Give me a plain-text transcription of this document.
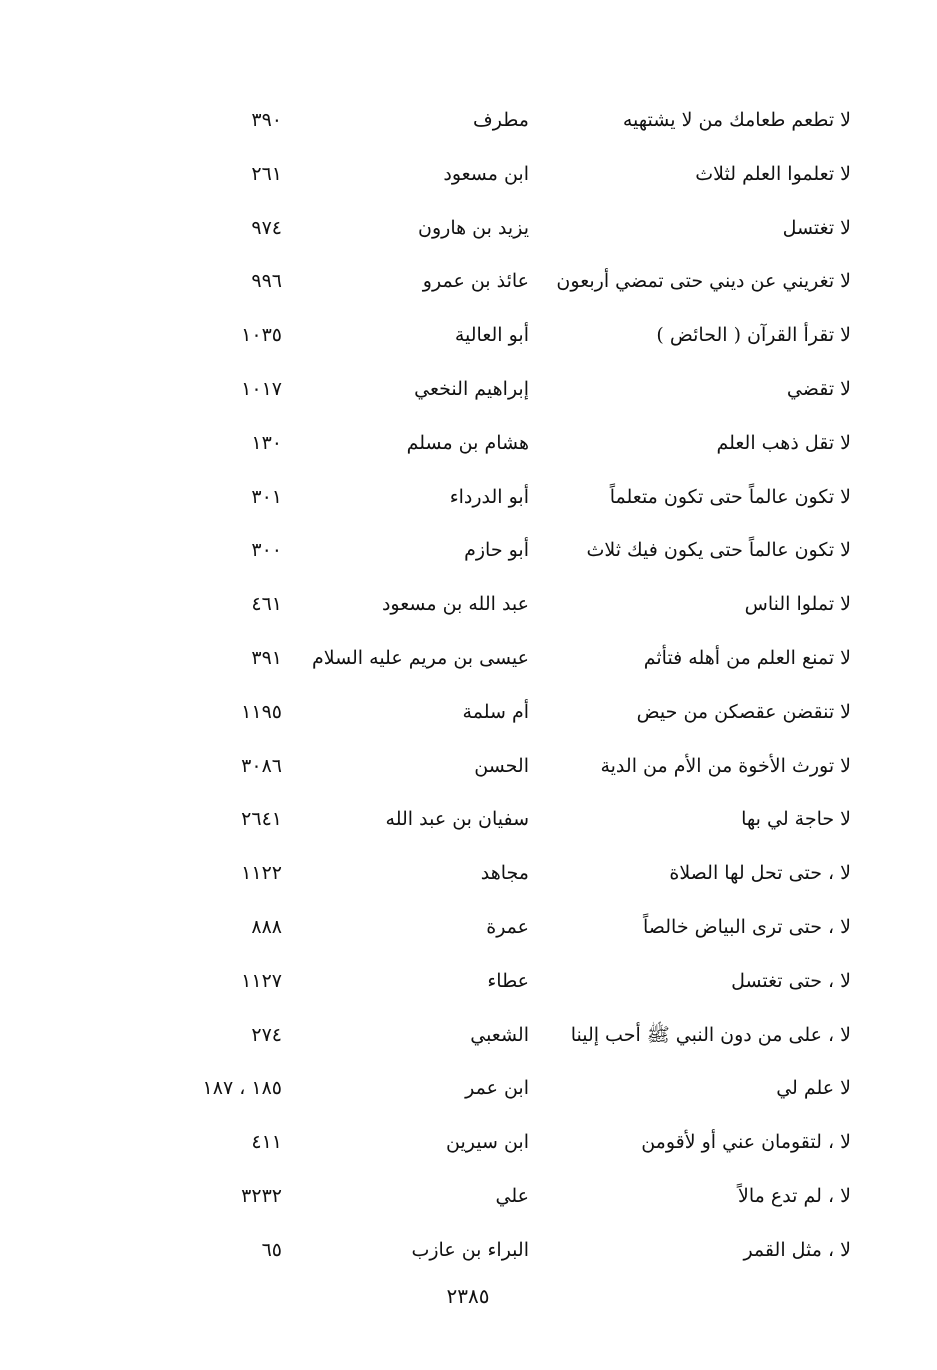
لا تطعم طعامك من لا يشتهيه
مطرف
٣٩٠
لا تعلموا العلم لثلاث
ابن مسعود
٢٦١
لا تغتسل
يزيد بن هارون
٩٧٤
لا تغريني عن ديني حتى تمضي أربعون
عائذ بن عمرو
٩٩٦
لا تقرأ القرآن ( الحائض )
أبو العالية
١٠٣٥
لا تقضي
إبراهيم النخعي
١٠١٧
لا تقل ذهب العلم
هشام بن مسلم
١٣٠
لا تكون عالماً حتى تكون متعلماً
أبو الدرداء
٣٠١
لا تكون عالماً حتى يكون فيك ثلاث
أبو حازم
٣٠٠
لا تملوا الناس
عبد الله بن مسعود
٤٦١
لا تمنع العلم من أهله فتأثم
عيسى بن مريم عليه السلام
٣٩١
لا تنقضن عقصكن من حيض
أم سلمة
١١٩٥
لا تورث الأخوة من الأم من الدية
الحسن
٣٠٨٦
لا حاجة لي بها
سفيان بن عبد الله
٢٦٤١
لا ، حتى تحل لها الصلاة
مجاهد
١١٢٢
لا ، حتى ترى البياض خالصاً
عمرة
٨٨٨
لا ، حتى تغتسل
عطاء
١١٢٧
لا ، على من دون النبي ﷺ أحب إلينا
الشعبي
٢٧٤
لا علم لي
ابن عمر
١٨٥ ، ١٨٧
لا ، لتقومان عني أو لأقومن
ابن سيرين
٤١١
لا ، لم تدع مالاً
علي
٣٢٣٢
لا ، مثل القمر
البراء بن عازب
٦٥
٢٣٨٥
